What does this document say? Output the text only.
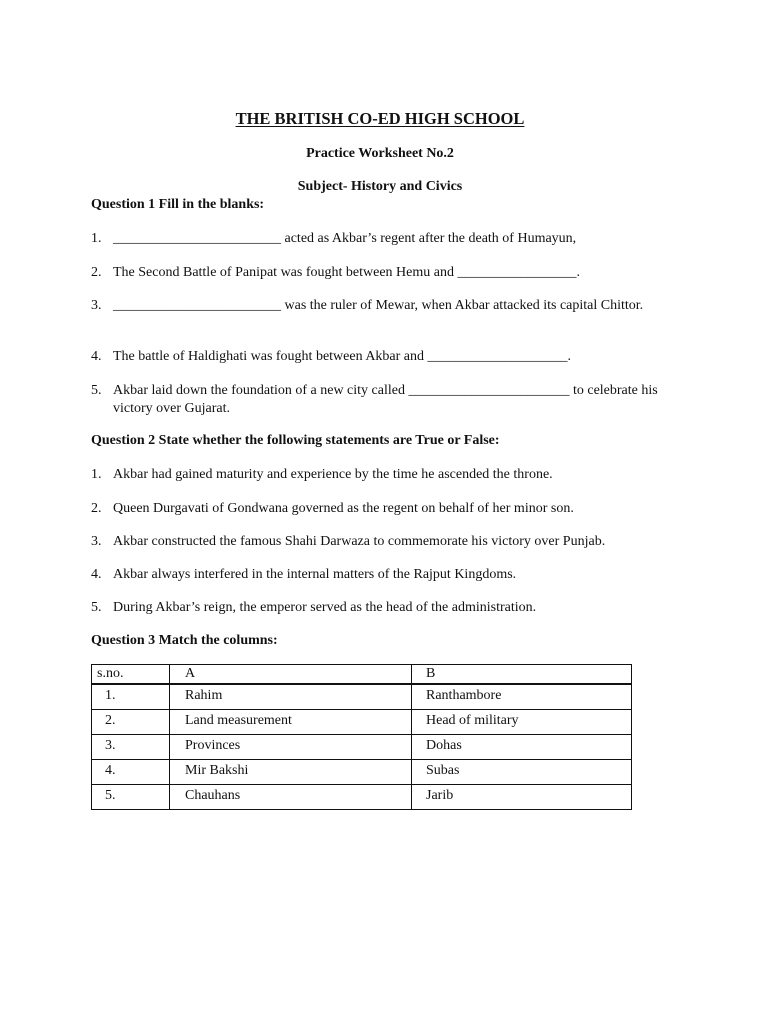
THE BRITISH CO-ED HIGH SCHOOL
Practice Worksheet No.2
Subject- History and Civics
Question 1 Fill in the blanks:
1. ________________________ acted as Akbar’s regent after the death of Humayun,
2. The Second Battle of Panipat was fought between Hemu and _________________.
3. ________________________ was the ruler of Mewar, when Akbar attacked its capital Chittor.
4. The battle of Haldighati was fought between Akbar and ____________________.
5. Akbar laid down the foundation of a new city called _______________________ to celebrate his victory over Gujarat.
Question 2 State whether the following statements are True or False:
1. Akbar had gained maturity and experience by the time he ascended the throne.
2. Queen Durgavati of Gondwana governed as the regent on behalf of her minor son.
3. Akbar constructed the famous Shahi Darwaza to commemorate his victory over Punjab.
4. Akbar always interfered in the internal matters of the Rajput Kingdoms.
5. During Akbar’s reign, the emperor served as the head of the administration.
Question 3 Match the columns:
s.no.	A	B
1.	Rahim	Ranthambore
2.	Land measurement	Head of military
3.	Provinces	Dohas
4.	Mir Bakshi	Subas
5.	Chauhans	Jarib
